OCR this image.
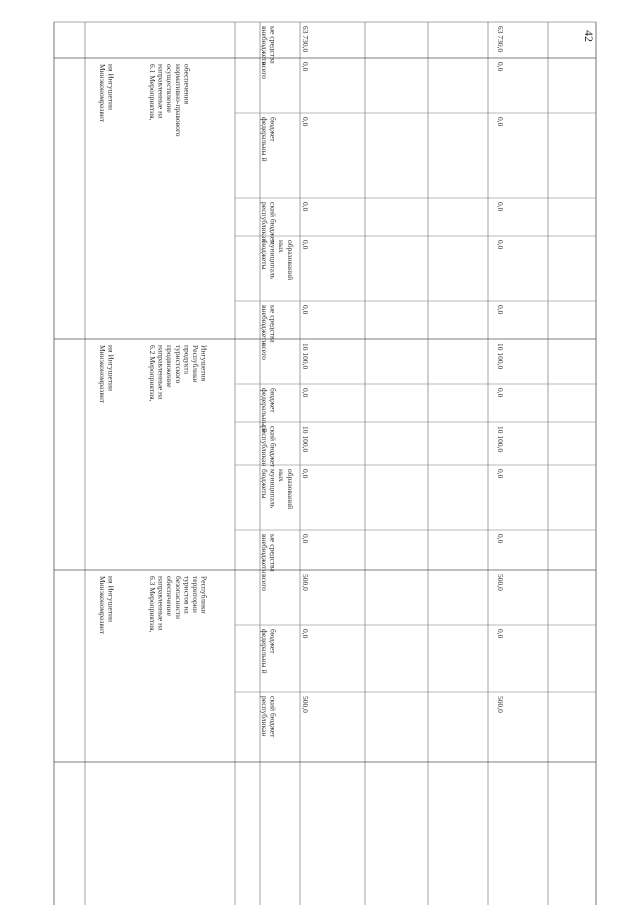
42
внебюджетн ые средства	63 730,0	63 730,0
всего	0,0	0,0
федеральны й бюджет	0,0	0,0
республикан ский бюджет	0,0	0,0
бюджеты муниципаль ных образований 0,0	0,0
внебюджетн ые средства	0,0	0,0
6.1 Мероприятия, направленные на осуществление нормативно-правового обеспечения
Минэкономразвит ия Ингушетии
всего	10 100,0	10 100,0
федеральны й бюджет	0,0	0,0
республикан ский бюджет	10 100,0	10 100,0
бюджеты муниципаль ных образований 0,0	0,0
внебюджетн ые средства	0,0	0,0
6.2 Мероприятия, направленные на продвижение туристского продукта Республики Ингушетия
Минэкономразвит ия Ингушетии
всего	500,0	500,0
федеральны й бюджет	0,0	0,0
республикан ский бюджет	500,0	500,0
6.3 Мероприятия, направленные на обеспечение безопасности туристов на территории Республики
Минэкономразвит ия Ингушетии
